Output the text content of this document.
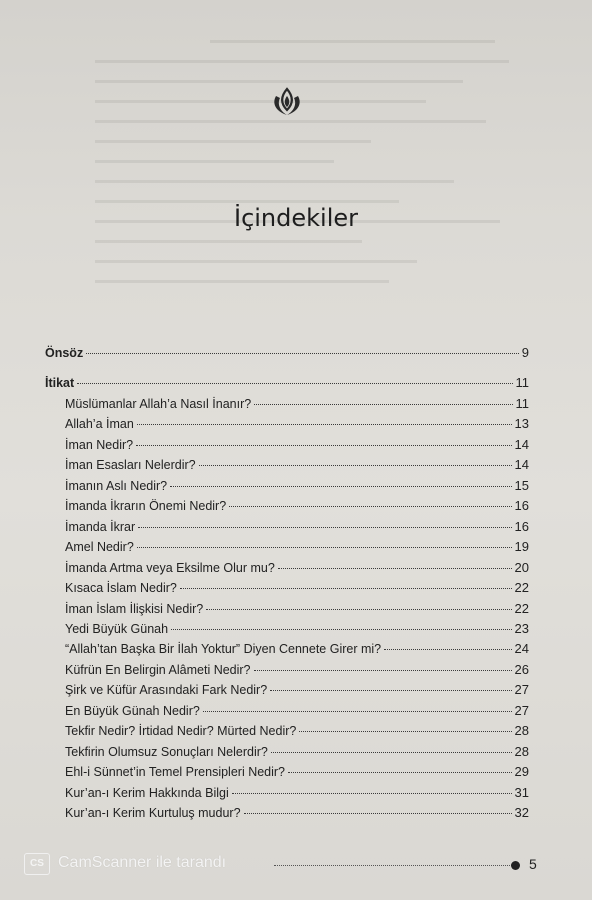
İçindekiler
Önsöz	9
İtikat	11
Müslümanlar Allah’a Nasıl İnanır?	11
Allah’a İman	13
İman Nedir?	14
İman Esasları Nelerdir?	14
İmanın Aslı Nedir?	15
İmanda İkrarın Önemi Nedir?	16
İmanda İkrar	16
Amel Nedir?	19
İmanda Artma veya Eksilme Olur mu?	20
Kısaca İslam Nedir?	22
İman İslam İlişkisi Nedir?	22
Yedi Büyük Günah	23
“Allah’tan Başka Bir İlah Yoktur” Diyen Cennete Girer mi?	24
Küfrün En Belirgin Alâmeti Nedir?	26
Şirk ve Küfür Arasındaki Fark Nedir?	27
En Büyük Günah Nedir?	27
Tekfir Nedir? İrtidad Nedir? Mürted Nedir?	28
Tekfirin Olumsuz Sonuçları Nelerdir?	28
Ehl-i Sünnet’in Temel Prensipleri Nedir?	29
Kur’an-ı Kerim Hakkında Bilgi	31
Kur’an-ı Kerim Kurtuluş mudur?	32
CS CamScanner ile tarandı	5
